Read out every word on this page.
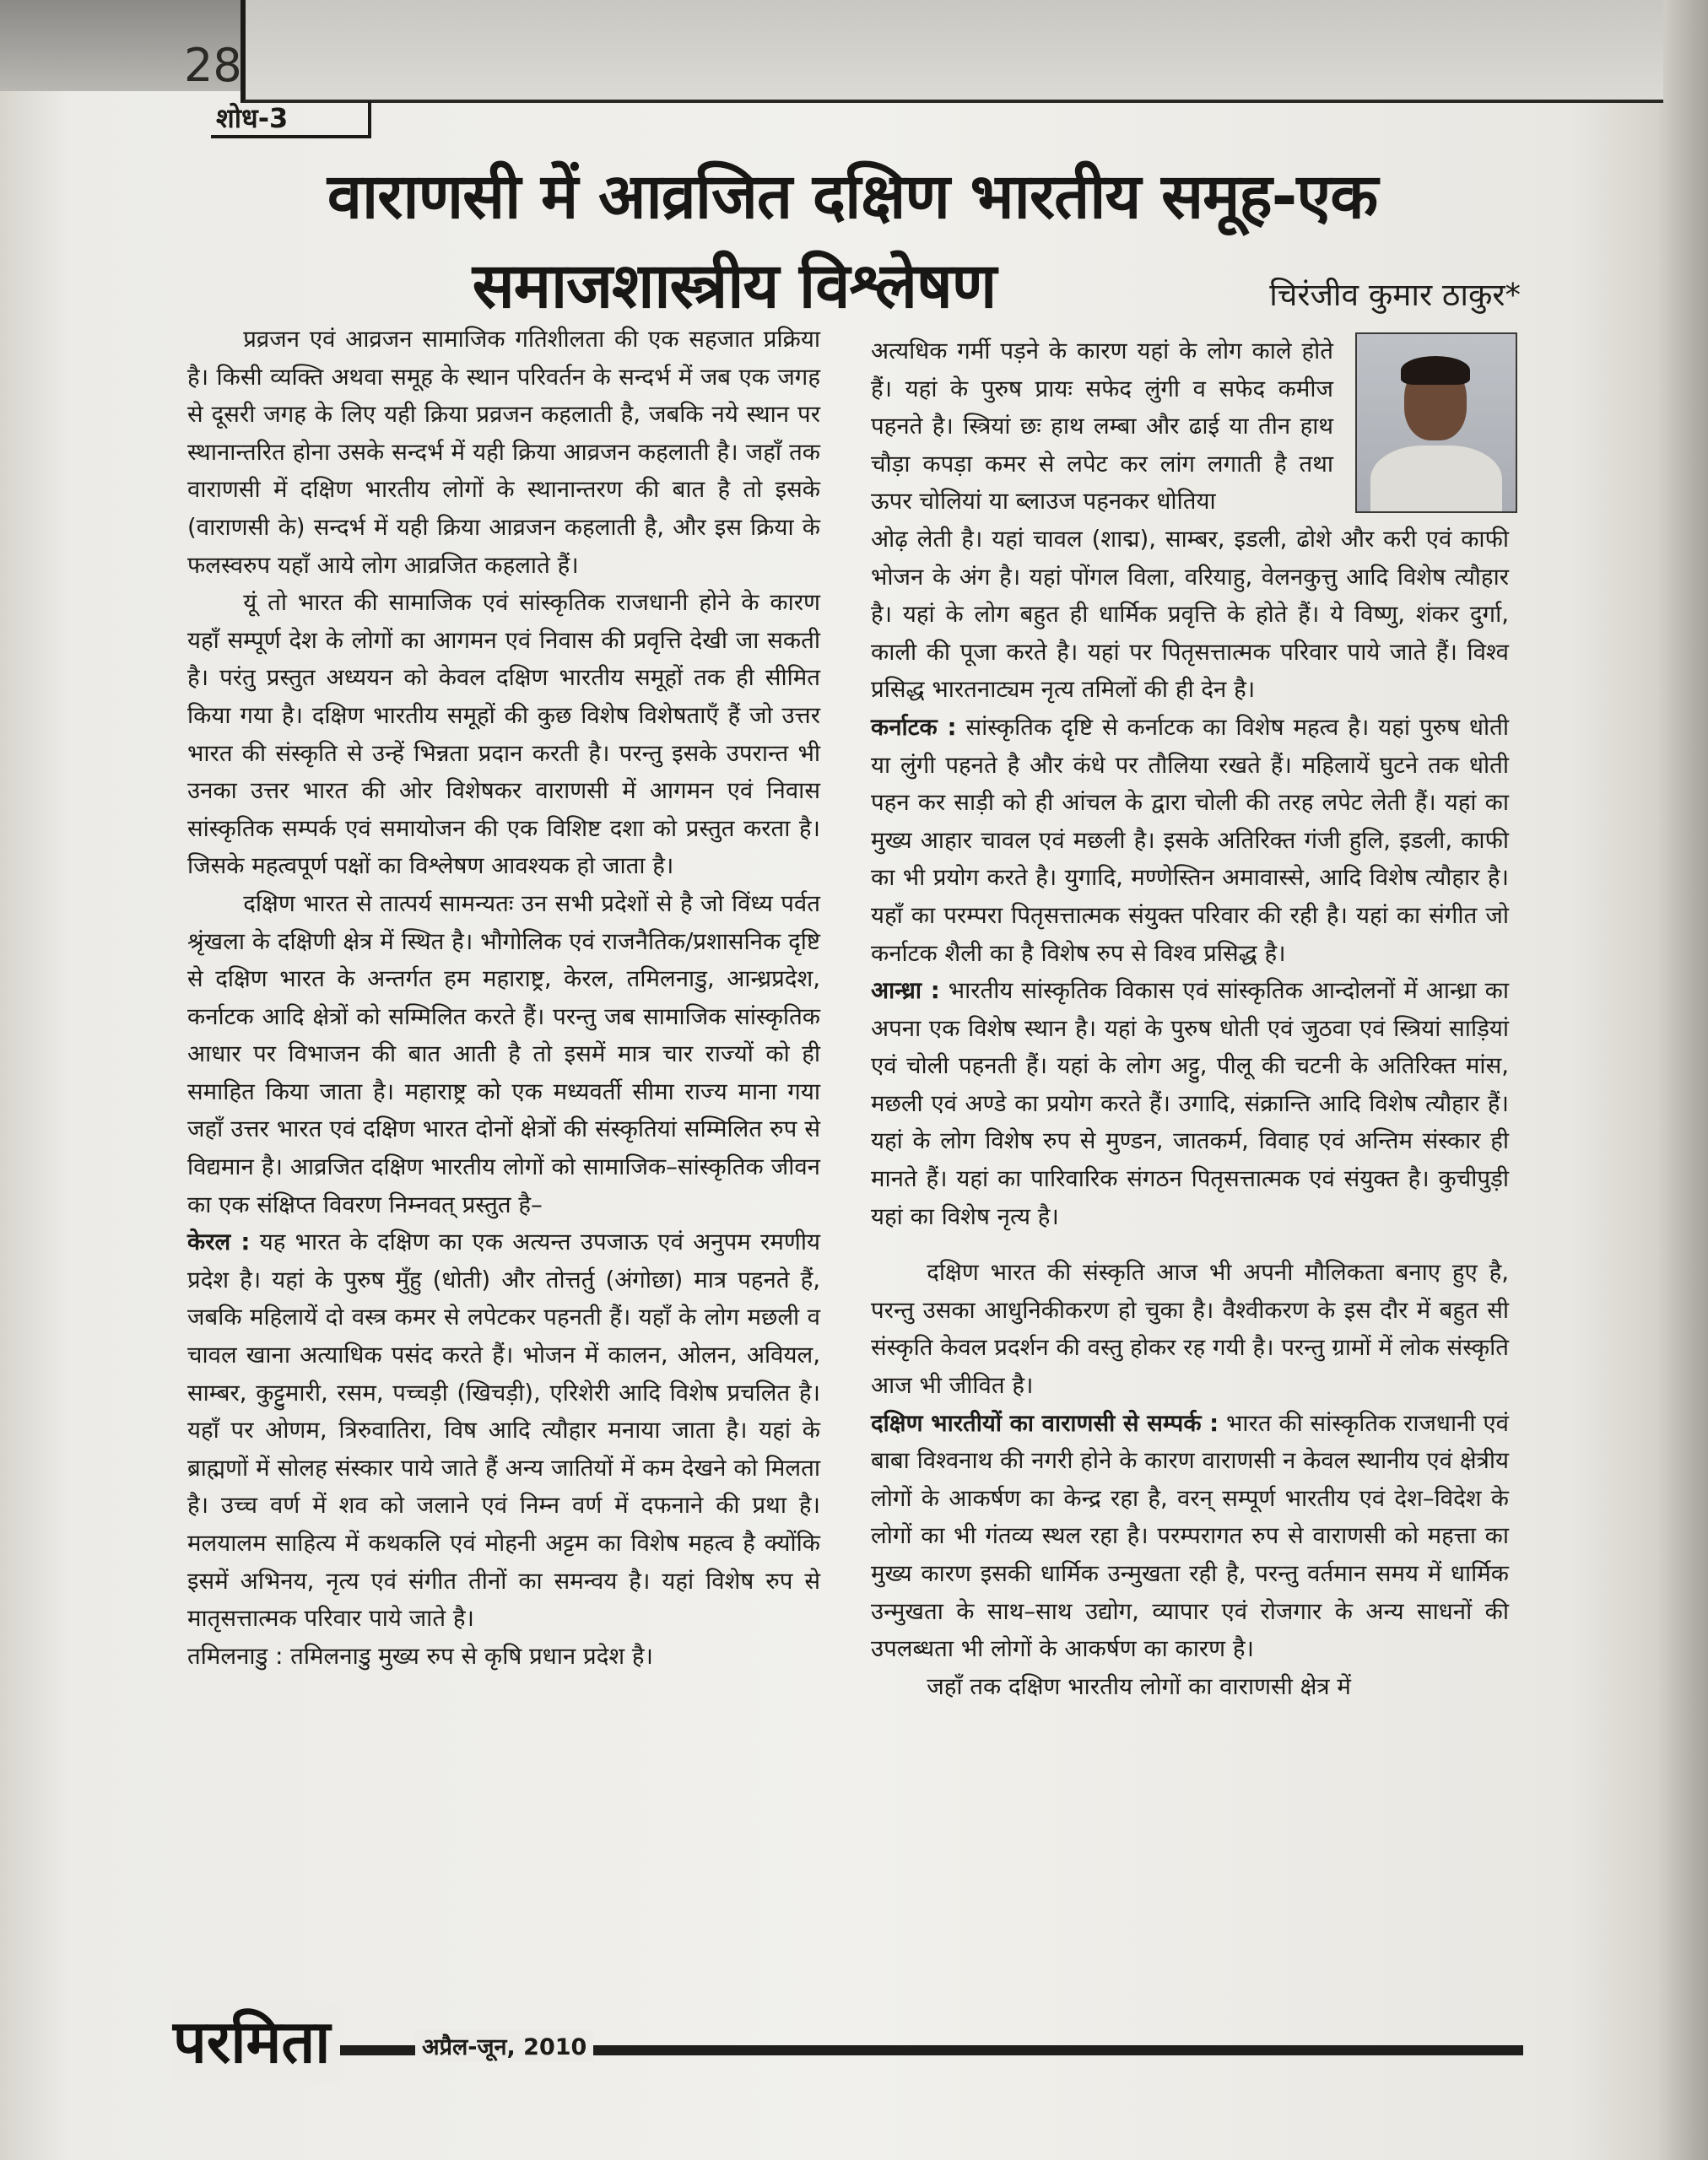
28
शोध-3
वाराणसी में आव्रजित दक्षिण भारतीय समूह-एक
समाजशास्त्रीय विश्लेषण	चिरंजीव कुमार ठाकुर*

प्रव्रजन एवं आव्रजन सामाजिक गतिशीलता की एक सहजात प्रक्रिया है। किसी व्यक्ति अथवा समूह के स्थान परिवर्तन के सन्दर्भ में जब एक जगह से दूसरी जगह के लिए यही क्रिया प्रव्रजन कहलाती है, जबकि नये स्थान पर स्थानान्तरित होना उसके सन्दर्भ में यही क्रिया आव्रजन कहलाती है। जहाँ तक वाराणसी में दक्षिण भारतीय लोगों के स्थानान्तरण की बात है तो इसके (वाराणसी के) सन्दर्भ में यही क्रिया आव्रजन कहलाती है, और इस क्रिया के फलस्वरुप यहाँ आये लोग आव्रजित कहलाते हैं।

यूं तो भारत की सामाजिक एवं सांस्कृतिक राजधानी होने के कारण यहाँ सम्पूर्ण देश के लोगों का आगमन एवं निवास की प्रवृत्ति देखी जा सकती है। परंतु प्रस्तुत अध्ययन को केवल दक्षिण भारतीय समूहों तक ही सीमित किया गया है। दक्षिण भारतीय समूहों की कुछ विशेष विशेषताएँ हैं जो उत्तर भारत की संस्कृति से उन्हें भिन्नता प्रदान करती है। परन्तु इसके उपरान्त भी उनका उत्तर भारत की ओर विशेषकर वाराणसी में आगमन एवं निवास सांस्कृतिक सम्पर्क एवं समायोजन की एक विशिष्ट दशा को प्रस्तुत करता है। जिसके महत्वपूर्ण पक्षों का विश्लेषण आवश्यक हो जाता है।

दक्षिण भारत से तात्पर्य सामन्यतः उन सभी प्रदेशों से है जो विंध्य पर्वत श्रृंखला के दक्षिणी क्षेत्र में स्थित है। भौगोलिक एवं राजनैतिक/प्रशासनिक दृष्टि से दक्षिण भारत के अन्तर्गत हम महाराष्ट्र, केरल, तमिलनाडु, आन्ध्रप्रदेश, कर्नाटक आदि क्षेत्रों को सम्मिलित करते हैं। परन्तु जब सामाजिक सांस्कृतिक आधार पर विभाजन की बात आती है तो इसमें मात्र चार राज्यों को ही समाहित किया जाता है। महाराष्ट्र को एक मध्यवर्ती सीमा राज्य माना गया जहाँ उत्तर भारत एवं दक्षिण भारत दोनों क्षेत्रों की संस्कृतियां सम्मिलित रुप से विद्यमान है। आव्रजित दक्षिण भारतीय लोगों को सामाजिक–सांस्कृतिक जीवन का एक संक्षिप्त विवरण निम्नवत् प्रस्तुत है–

केरल : यह भारत के दक्षिण का एक अत्यन्त उपजाऊ एवं अनुपम रमणीय प्रदेश है। यहां के पुरुष मुँहु (धोती) और तोत्तर्तु (अंगोछा) मात्र पहनते हैं, जबकि महिलायें दो वस्त्र कमर से लपेटकर पहनती हैं। यहाँ के लोग मछली व चावल खाना अत्याधिक पसंद करते हैं। भोजन में कालन, ओलन, अवियल, साम्बर, कुट्टुमारी, रसम, पच्चड़ी (खिचड़ी), एरिशेरी आदि विशेष प्रचलित है। यहाँ पर ओणम, त्रिरुवातिरा, विष आदि त्यौहार मनाया जाता है। यहां के ब्राह्मणों में सोलह संस्कार पाये जाते हैं अन्य जातियों में कम देखने को मिलता है। उच्च वर्ण में शव को जलाने एवं निम्न वर्ण में दफनाने की प्रथा है। मलयालम साहित्य में कथकलि एवं मोहनी अट्टम का विशेष महत्व है क्योंकि इसमें अभिनय, नृत्य एवं संगीत तीनों का समन्वय है। यहां विशेष रुप से मातृसत्तात्मक परिवार पाये जाते है।

तमिलनाडु : तमिलनाडु मुख्य रुप से कृषि प्रधान प्रदेश है।

अत्यधिक गर्मी पड़ने के कारण यहां के लोग काले होते हैं। यहां के पुरुष प्रायः सफेद लुंगी व सफेद कमीज पहनते है। स्त्रियां छः हाथ लम्बा और ढाई या तीन हाथ चौड़ा कपड़ा कमर से लपेट कर लांग लगाती है तथा ऊपर चोलियां या ब्लाउज पहनकर धोतिया
ओढ़ लेती है। यहां चावल (शाद्म), साम्बर, इडली, ढोशे और करी एवं काफी भोजन के अंग है। यहां पोंगल विला, वरियाहु, वेलनकुत्तु आदि विशेष त्यौहार है। यहां के लोग बहुत ही धार्मिक प्रवृत्ति के होते हैं। ये विष्णु, शंकर दुर्गा, काली की पूजा करते है। यहां पर पितृसत्तात्मक परिवार पाये जाते हैं। विश्व प्रसिद्ध भारतनाट्यम नृत्य तमिलों की ही देन है।

कर्नाटक : सांस्कृतिक दृष्टि से कर्नाटक का विशेष महत्व है। यहां पुरुष धोती या लुंगी पहनते है और कंधे पर तौलिया रखते हैं। महिलायें घुटने तक धोती पहन कर साड़ी को ही आंचल के द्वारा चोली की तरह लपेट लेती हैं। यहां का मुख्य आहार चावल एवं मछली है। इसके अतिरिक्त गंजी हुलि, इडली, काफी का भी प्रयोग करते है। युगादि, मण्णेस्तिन अमावास्से, आदि विशेष त्यौहार है। यहाँ का परम्परा पितृसत्तात्मक संयुक्त परिवार की रही है। यहां का संगीत जो कर्नाटक शैली का है विशेष रुप से विश्व प्रसिद्ध है।

आन्ध्रा : भारतीय सांस्कृतिक विकास एवं सांस्कृतिक आन्दोलनों में आन्ध्रा का अपना एक विशेष स्थान है। यहां के पुरुष धोती एवं जुठवा एवं स्त्रियां साड़ियां एवं चोली पहनती हैं। यहां के लोग अट्टु, पीलू की चटनी के अतिरिक्त मांस, मछली एवं अण्डे का प्रयोग करते हैं। उगादि, संक्रान्ति आदि विशेष त्यौहार हैं। यहां के लोग विशेष रुप से मुण्डन, जातकर्म, विवाह एवं अन्तिम संस्कार ही मानते हैं। यहां का पारिवारिक संगठन पितृसत्तात्मक एवं संयुक्त है। कुचीपुड़ी यहां का विशेष नृत्य है।

दक्षिण भारत की संस्कृति आज भी अपनी मौलिकता बनाए हुए है, परन्तु उसका आधुनिकीकरण हो चुका है। वैश्वीकरण के इस दौर में बहुत सी संस्कृति केवल प्रदर्शन की वस्तु होकर रह गयी है। परन्तु ग्रामों में लोक संस्कृति आज भी जीवित है।

दक्षिण भारतीयों का वाराणसी से सम्पर्क : भारत की सांस्कृतिक राजधानी एवं बाबा विश्वनाथ की नगरी होने के कारण वाराणसी न केवल स्थानीय एवं क्षेत्रीय लोगों के आकर्षण का केन्द्र रहा है, वरन् सम्पूर्ण भारतीय एवं देश–विदेश के लोगों का भी गंतव्य स्थल रहा है। परम्परागत रुप से वाराणसी को महत्ता का मुख्य कारण इसकी धार्मिक उन्मुखता रही है, परन्तु वर्तमान समय में धार्मिक उन्मुखता के साथ–साथ उद्योग, व्यापार एवं रोजगार के अन्य साधनों की उपलब्धता भी लोगों के आकर्षण का कारण है।

जहाँ तक दक्षिण भारतीय लोगों का वाराणसी क्षेत्र में

परमिता	अप्रैल-जून, 2010
